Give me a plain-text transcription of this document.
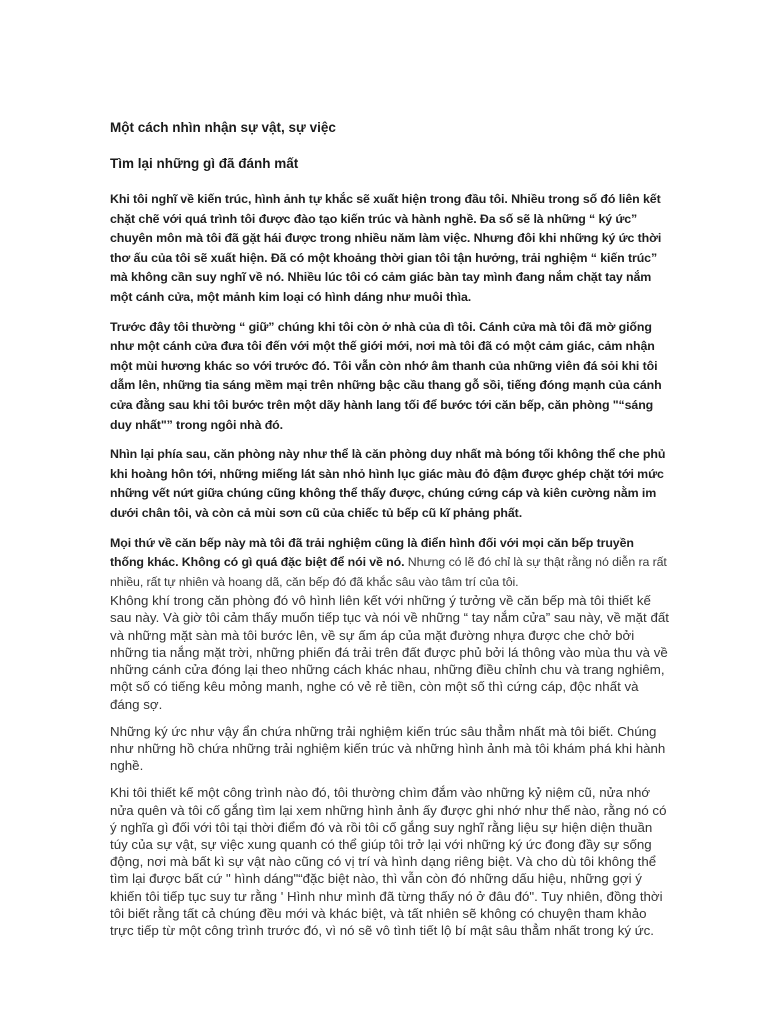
Một cách nhìn nhận sự vật, sự việc
Tìm lại những gì đã đánh mất

Khi tôi nghĩ về kiến trúc, hình ảnh tự khắc sẽ xuất hiện trong đầu tôi. Nhiều trong số đó liên kết chặt chẽ với quá trình tôi được đào tạo kiến trúc và hành nghề. Đa số sẽ là những “ ký ức” chuyên môn mà tôi đã gặt hái được trong nhiều năm làm việc. Nhưng đôi khi những ký ức thời thơ ấu của tôi sẽ xuất hiện. Đã có một khoảng thời gian tôi tận hưởng, trải nghiệm “ kiến trúc” mà không cần suy nghĩ về nó. Nhiều lúc tôi có cảm giác bàn tay mình đang nắm chặt tay nắm một cánh cửa, một mảnh kim loại có hình dáng như muôi thìa.

Trước đây tôi thường “ giữ” chúng khi tôi còn ở nhà của dì tôi. Cánh cửa mà tôi đã mờ giống như một cánh cửa đưa tôi đến với một thế giới mới, nơi mà tôi đã có một cảm giác, cảm nhận một mùi hương khác so với trước đó. Tôi vẫn còn nhớ âm thanh của những viên đá sỏi khi tôi dẫm lên, những tia sáng mềm mại trên những bậc cầu thang gỗ sồi, tiếng đóng mạnh của cánh cửa đằng sau khi tôi bước trên một dãy hành lang tối để bước tới căn bếp, căn phòng "“sáng duy nhất"” trong ngôi nhà đó.

Nhìn lại phía sau, căn phòng này như thể là căn phòng duy nhất mà bóng tối không thể che phủ khi hoàng hôn tới, những miếng lát sàn nhỏ hình lục giác màu đỏ đậm được ghép chặt tới mức những vết nứt giữa chúng cũng không thể thấy được, chúng cứng cáp và kiên cường nằm im dưới chân tôi, và còn cả mùi sơn cũ của chiếc tủ bếp cũ kĩ phảng phất.

Mọi thứ về căn bếp này mà tôi đã trải nghiệm cũng là điển hình đối với mọi căn bếp truyền thống khác. Không có gì quá đặc biệt để nói về nó. Nhưng có lẽ đó chỉ là sự thật rằng nó diễn ra rất nhiều, rất tự nhiên và hoang dã, căn bếp đó đã khắc sâu vào tâm trí của tôi.

Không khí trong căn phòng đó vô hình liên kết với những ý tưởng về căn bếp mà tôi thiết kế sau này. Và giờ tôi cảm thấy muốn tiếp tục và nói về những “ tay nắm cửa” sau này, về mặt đất và những mặt sàn mà tôi bước lên, về sự ấm áp của mặt đường nhựa được che chở bởi những tia nắng mặt trời, những phiến đá trải trên đất được phủ bởi lá thông vào mùa thu và về những cánh cửa đóng lại theo những cách khác nhau, những điều chỉnh chu và trang nghiêm, một số có tiếng kêu mỏng manh, nghe có vẻ rẻ tiền, còn một số thì cứng cáp, độc nhất và đáng sợ.

Những ký ức như vậy ẩn chứa những trải nghiệm kiến trúc sâu thẳm nhất mà tôi biết. Chúng như những hồ chứa những trải nghiệm kiến trúc và những hình ảnh mà tôi khám phá khi hành nghề.

Khi tôi thiết kế một công trình nào đó, tôi thường chìm đắm vào những kỷ niệm cũ, nửa nhớ nửa quên và tôi cố gắng tìm lại xem những hình ảnh ấy được ghi nhớ như thế nào, rằng nó có ý nghĩa gì đối với tôi tại thời điểm đó và rồi tôi cố gắng suy nghĩ rằng liệu sự hiện diện thuần túy của sự vật, sự việc xung quanh có thể giúp tôi trở lại với những ký ức đong đầy sự sống động, nơi mà bất kì sự vật nào cũng có vị trí và hình dạng riêng biệt. Và cho dù tôi không thể tìm lại được bất cứ " hình dáng"“đặc biệt nào, thì vẫn còn đó những dấu hiệu, những gợi ý khiến tôi tiếp tục suy tư rằng ' Hình như mình đã từng thấy nó ở đâu đó". Tuy nhiên, đồng thời tôi biết rằng tất cả chúng đều mới và khác biệt, và tất nhiên sẽ không có chuyện tham khảo trực tiếp từ một công trình trước đó, vì nó sẽ vô tình tiết lộ bí mật sâu thẳm nhất trong ký ức.
